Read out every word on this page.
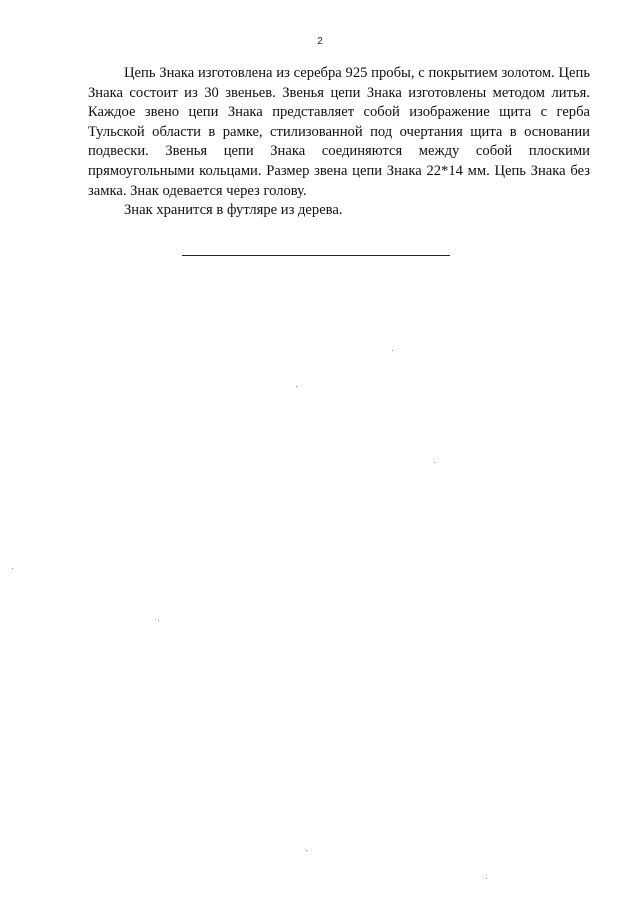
2

Цепь Знака изготовлена из серебра 925 пробы, с покрытием золотом. Цепь Знака состоит из 30 звеньев. Звенья цепи Знака изготовлены методом литья. Каждое звено цепи Знака представляет собой изображение щита с герба Тульской области в рамке, стилизованной под очертания щита в основании подвески. Звенья цепи Знака соединяются между собой плоскими прямоугольными кольцами. Размер звена цепи Знака 22*14 мм. Цепь Знака без замка. Знак одевается через голову.

Знак хранится в футляре из дерева.
